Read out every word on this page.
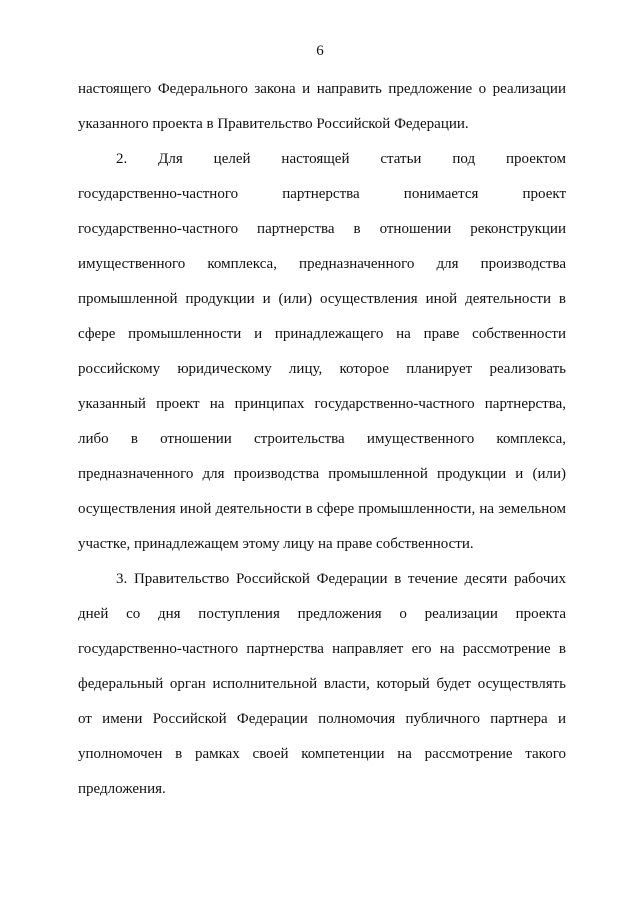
6
настоящего Федерального закона и направить предложение о реализации
указанного проекта в Правительство Российской Федерации.
2. Для целей настоящей статьи под проектом
государственно-частного партнерства понимается проект
государственно-частного партнерства в отношении реконструкции
имущественного комплекса, предназначенного для производства
промышленной продукции и (или) осуществления иной деятельности в
сфере промышленности и принадлежащего на праве собственности
российскому юридическому лицу, которое планирует реализовать
указанный проект на принципах государственно-частного партнерства,
либо в отношении строительства имущественного комплекса,
предназначенного для производства промышленной продукции и (или)
осуществления иной деятельности в сфере промышленности, на земельном
участке, принадлежащем этому лицу на праве собственности.
3. Правительство Российской Федерации в течение десяти рабочих
дней со дня поступления предложения о реализации проекта
государственно-частного партнерства направляет его на рассмотрение в
федеральный орган исполнительной власти, который будет осуществлять
от имени Российской Федерации полномочия публичного партнера и
уполномочен в рамках своей компетенции на рассмотрение такого
предложения.
